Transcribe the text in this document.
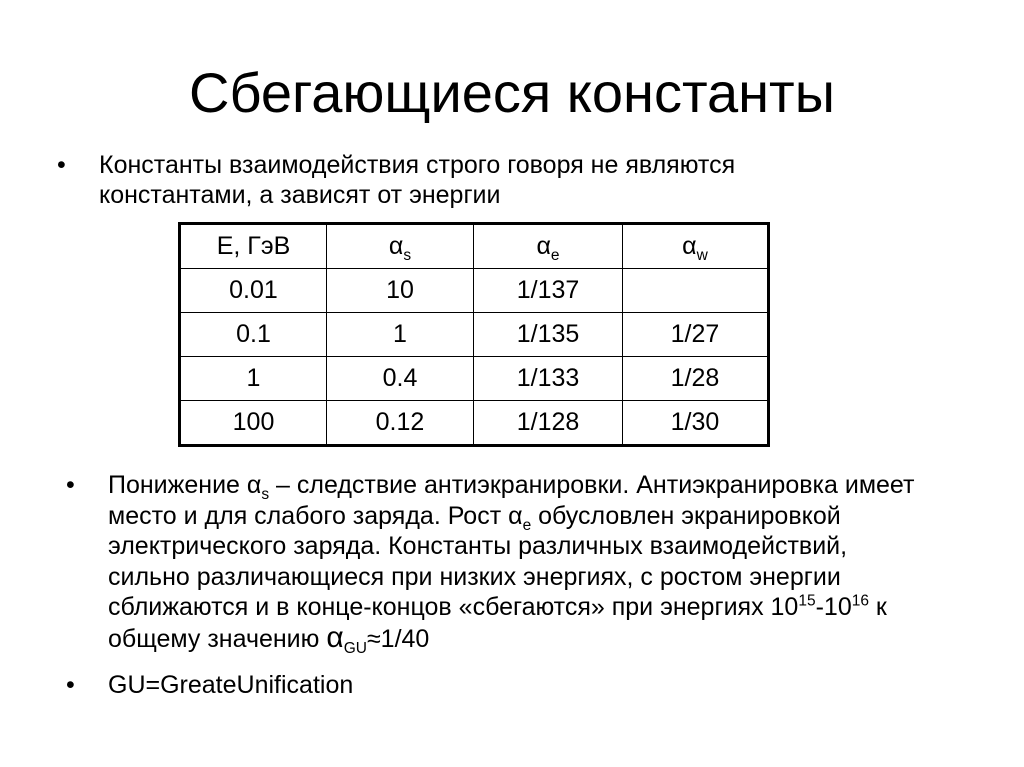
Сбегающиеся константы
•	Константы взаимодействия строго говоря не являются константами, а зависят от энергии
E, ГэВ	$\alpha_s$	$\alpha_e$	$\alpha_w$
0.01	10	1/137	
0.1	1	1/135	1/27
1	0.4	1/133	1/28
100	0.12	1/128	1/30
•	Понижение $\alpha_s$ – следствие антиэкранировки. Антиэкранировка имеет место и для слабого заряда. Рост $\alpha_e$ обусловлен экранировкой электрического заряда. Константы различных взаимодействий, сильно различающиеся при низких энергиях, с ростом энергии сближаются и в конце-концов «сбегаются» при энергиях $10^{15}-10^{16}$ к общему значению $\alpha_{GU}\approx 1/40$
•	GU=GreateUnification
